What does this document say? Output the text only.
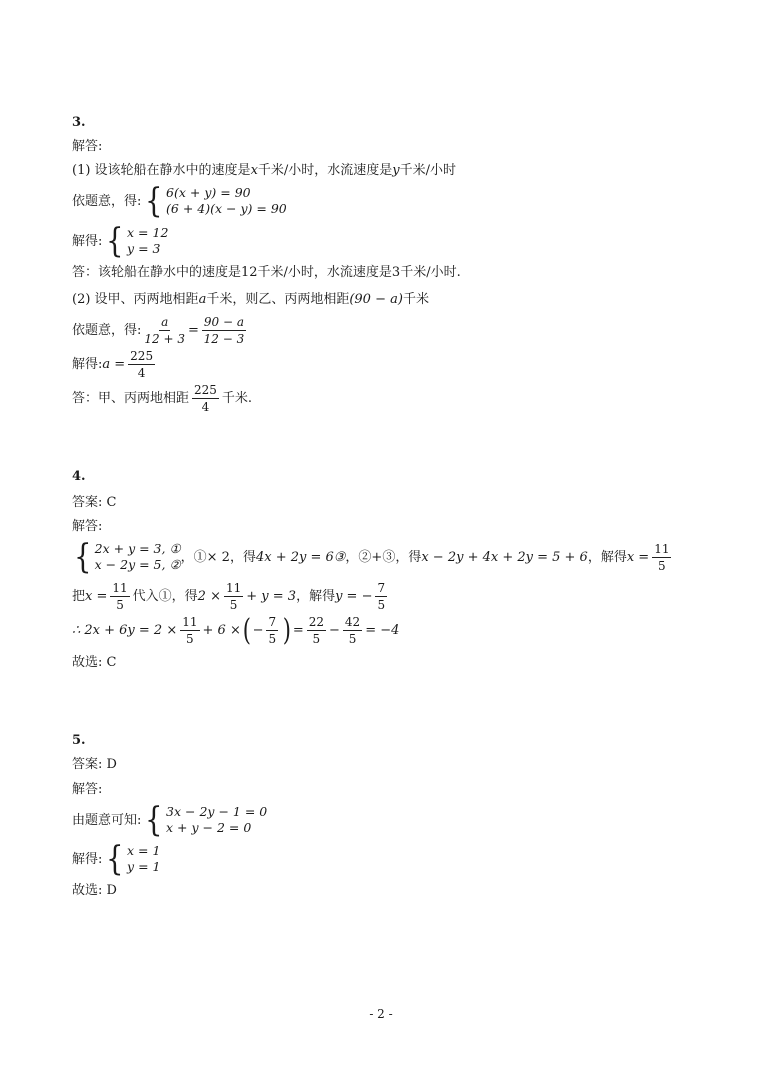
3.
解答:
(1) 设该轮船在静水中的速度是 x 千米/小时，水流速度是 y 千米/小时
依题意，得: { 6(x + y) = 90
(6 + 4)(x − y) = 90
解得: { x = 12
y = 3
答：该轮船在静水中的速度是12千米/小时，水流速度是3千米/小时.
(2) 设甲、丙两地相距 a 千米，则乙、丙两地相距 (90 − a) 千米
依题意，得: $\frac{a}{12 + 3} = \frac{90 - a}{12 - 3}$
解得: $a = \frac{225}{4}$
答：甲、丙两地相距 $\frac{225}{4}$ 千米.
4.
答案: C
解答:
{ 2x + y = 3, ①
x − 2y = 5, ② ，①× 2，得 4x + 2y = 6③ ，②+③，得 x − 2y + 4x + 2y = 5 + 6 ，解得 $x = \frac{11}{5}$
把 $x = \frac{11}{5}$ 代入①，得 $2 \times \frac{11}{5} + y = 3$ ，解得 y = − $\frac{7}{5}$
∴ $2x + 6y = 2 \times \frac{11}{5} + 6$ × ( − $\frac{7}{5}$ ) = $\frac{22}{5} - \frac{42}{5} = -4$
故选: C
5.
答案: D
解答:
由题意可知: { 3x − 2y − 1 = 0
x + y − 2 = 0
解得: { x = 1
y = 1
故选: D
- 2 -
